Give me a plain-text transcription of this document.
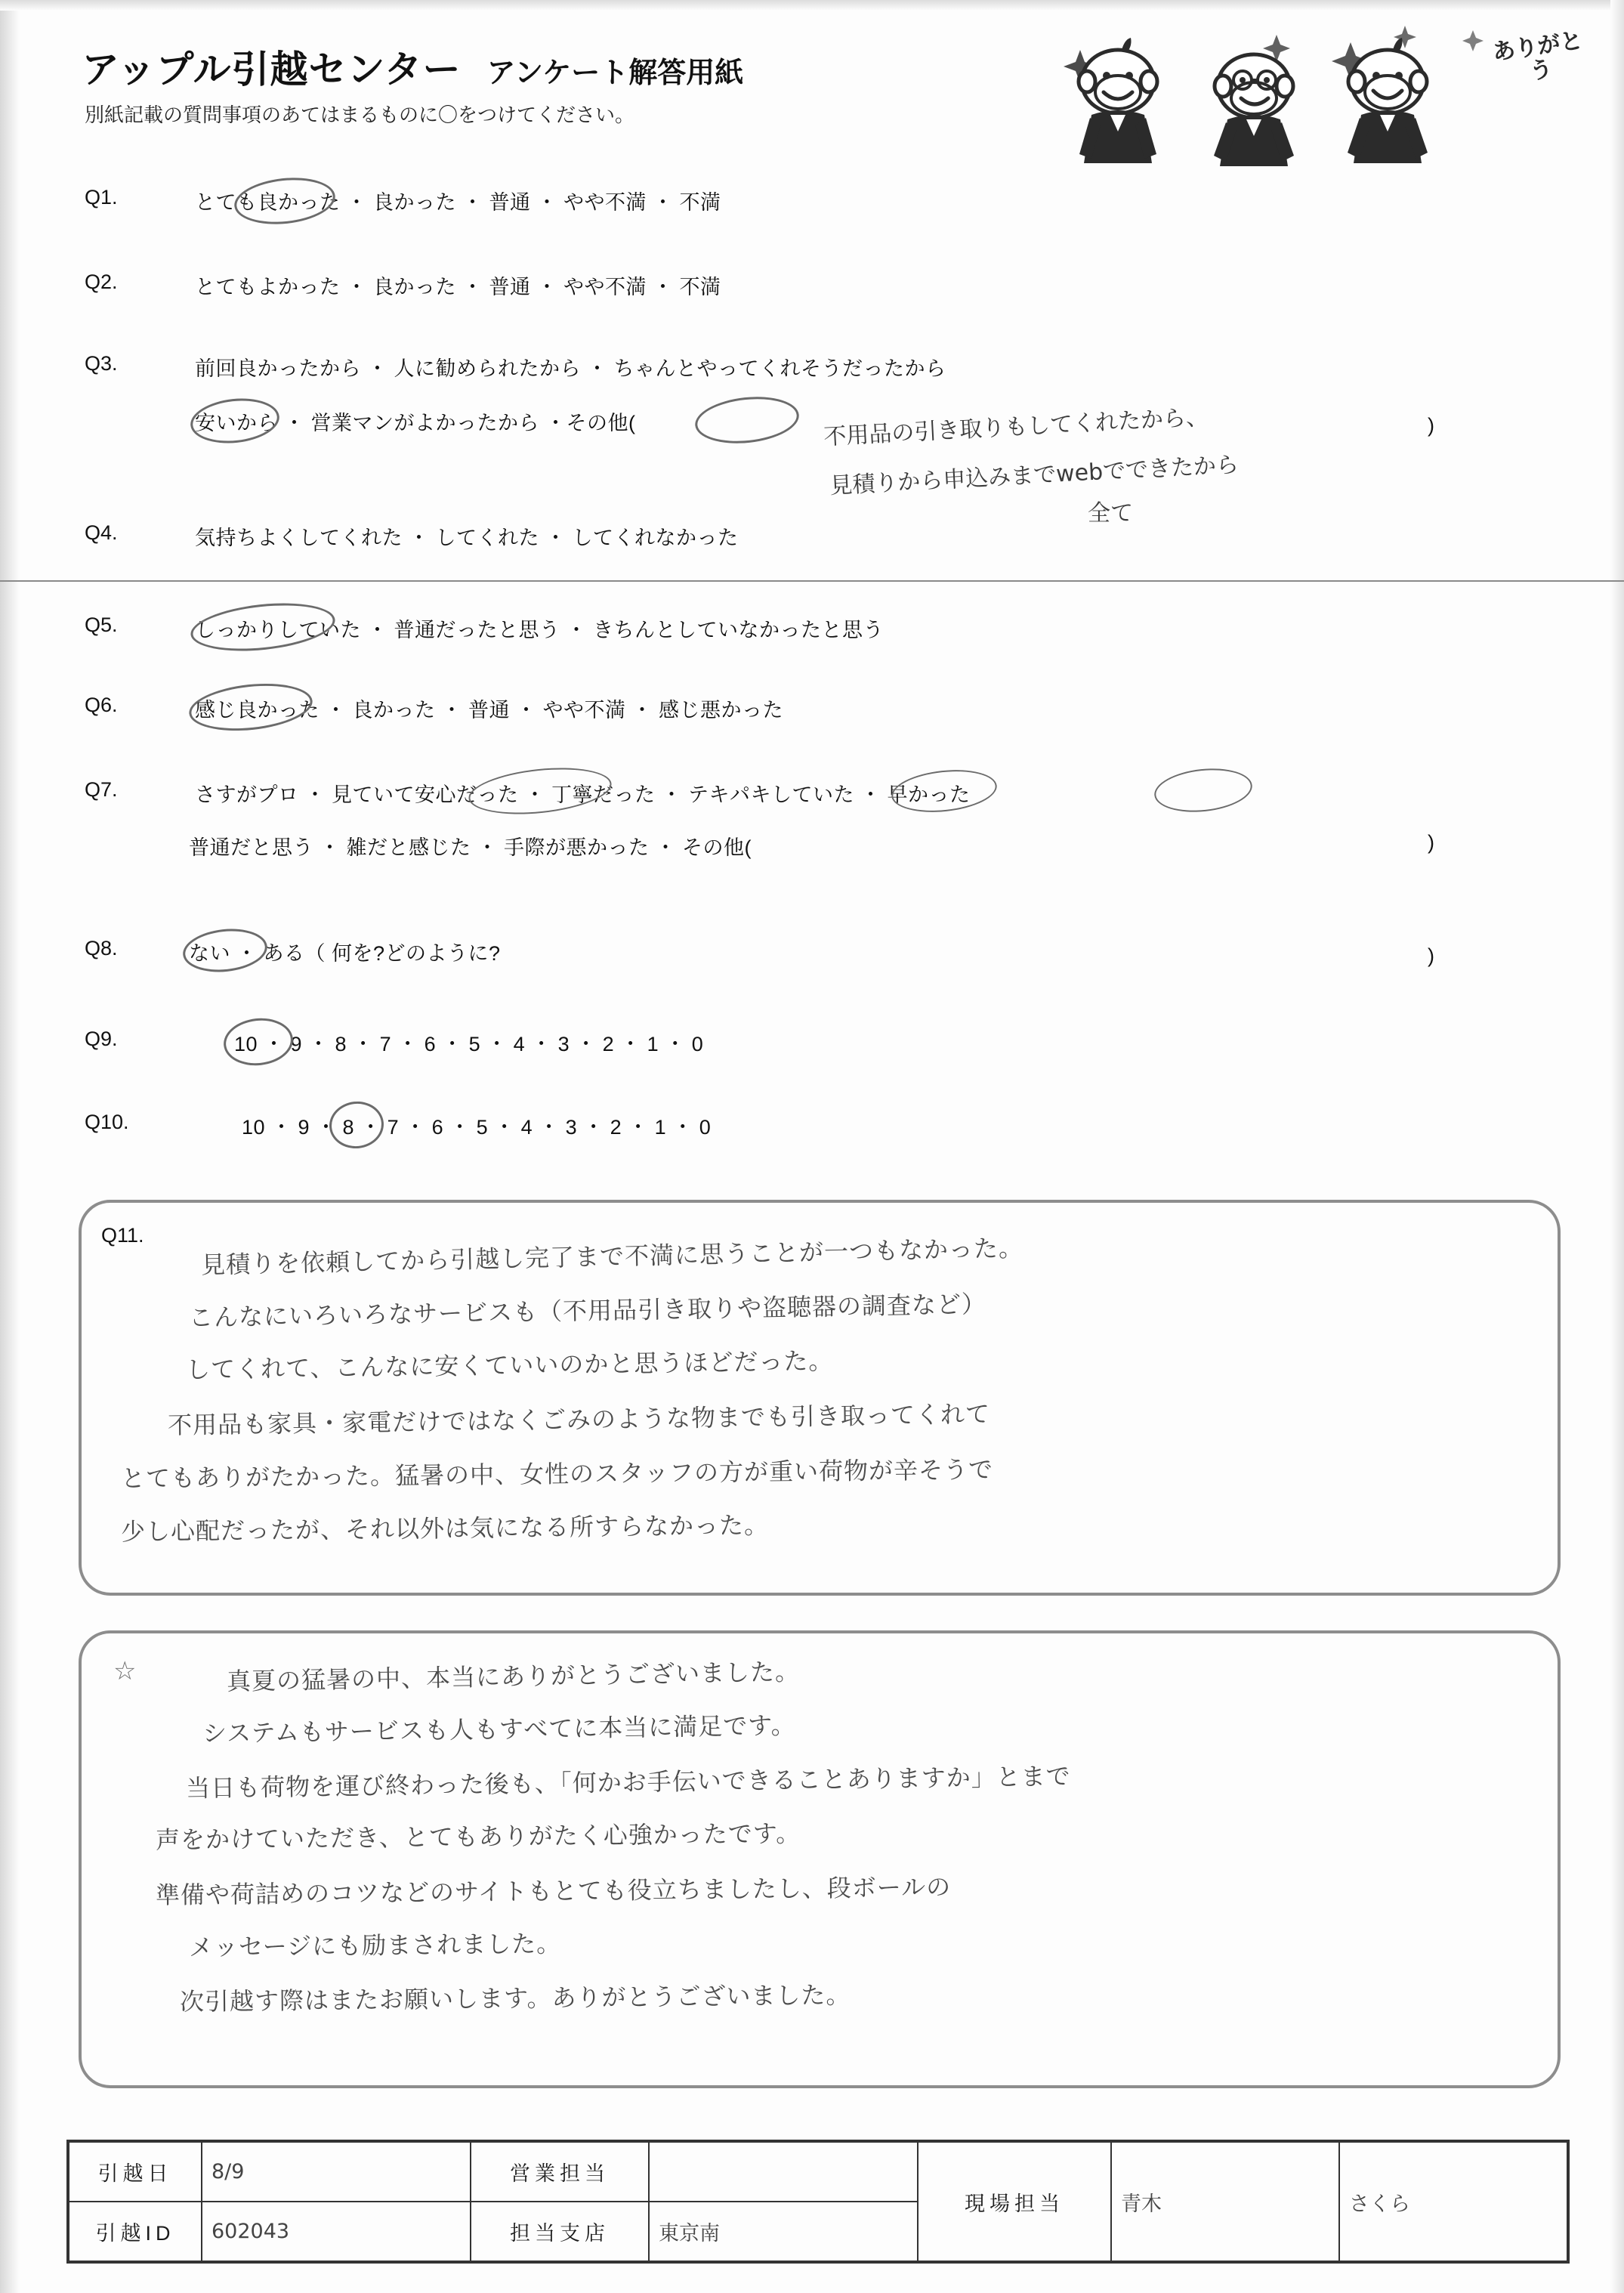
アップル引越センター アンケート解答用紙
別紙記載の質問事項のあてはまるものに〇をつけてください。
ありがとう
Q1.	とても良かった ・ 良かった ・ 普通 ・ やや不満 ・ 不満
Q2.	とてもよかった ・ 良かった ・ 普通 ・ やや不満 ・ 不満
Q3.	前回良かったから ・ 人に勧められたから ・ ちゃんとやってくれそうだったから
安いから ・ 営業マンがよかったから ・その他(	不用品の引き取りもしてくれたから、
見積りから申込みまでwebでできたから
全て
)
Q4.	気持ちよくしてくれた ・ してくれた ・ してくれなかった
Q5.	しっかりしていた ・ 普通だったと思う ・ きちんとしていなかったと思う
Q6.	感じ良かった ・ 良かった ・ 普通 ・ やや不満 ・ 感じ悪かった
Q7.	さすがプロ ・ 見ていて安心だった ・ 丁寧だった ・ テキパキしていた ・ 早かった
普通だと思う ・ 雑だと感じた ・ 手際が悪かった ・ その他(	)
Q8.	ない ・ ある（ 何を?どのように?	)
Q9.	10 ・ 9 ・ 8 ・ 7 ・ 6 ・ 5 ・ 4 ・ 3 ・ 2 ・ 1 ・ 0
Q10.	10 ・ 9 ・ 8 ・ 7 ・ 6 ・ 5 ・ 4 ・ 3 ・ 2 ・ 1 ・ 0
Q11. 見積りを依頼してから引越し完了まで不満に思うことが一つもなかった。
こんなにいろいろなサービスも（不用品引き取りや盗聴器の調査など）
してくれて、こんなに安くていいのかと思うほどだった。
不用品も家具・家電だけではなくごみのような物までも引き取ってくれて
とてもありがたかった。猛暑の中、女性のスタッフの方が重い荷物が辛そうで
少し心配だったが、それ以外は気になる所すらなかった。
☆	真夏の猛暑の中、本当にありがとうございました。
システムもサービスも人もすべてに本当に満足です。
当日も荷物を運び終わった後も、「何かお手伝いできることありますか」とまで
声をかけていただき、とてもありがたく心強かったです。
準備や荷詰めのコツなどのサイトもとても役立ちましたし、段ボールの
メッセージにも励まされました。
次引越す際はまたお願いします。ありがとうございました。
引越日	8/9	営業担当		現場担当	青木	さくら
引越ID	602043	担当支店	東京南			
